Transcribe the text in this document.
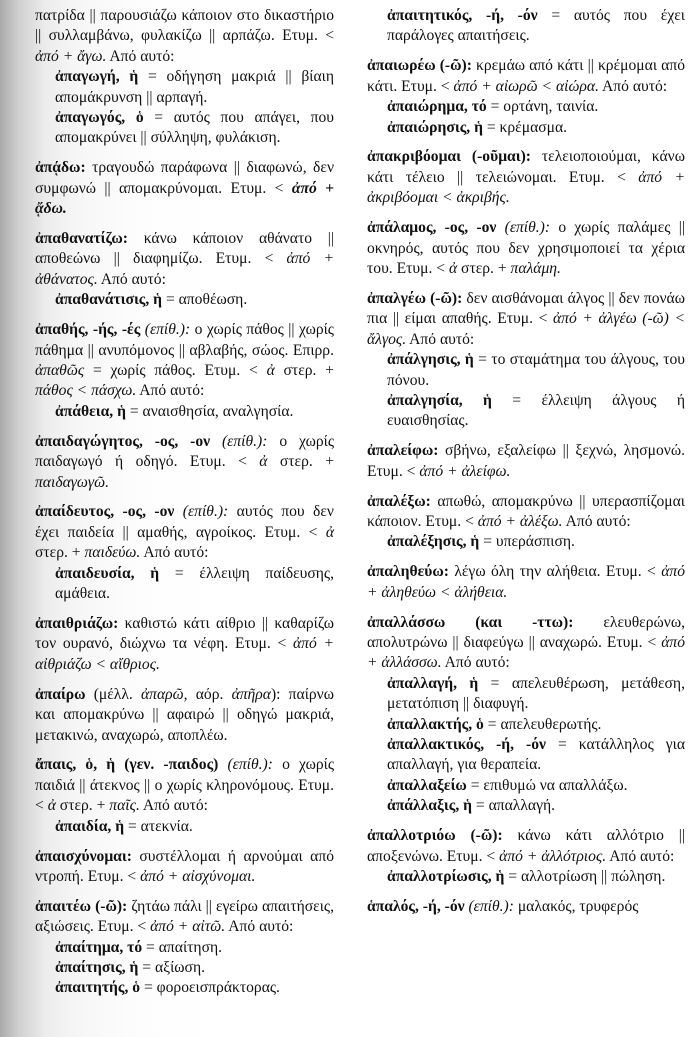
πατρίδα || παρουσιάζω κάποιον στο δικαστήριο || συλλαμβάνω, φυλακίζω || αρπάζω. Ετυμ. < ἀπό + ἄγω. Από αυτό:
ἀπαγωγή, ἡ = οδήγηση μακριά || βίαιη απομάκρυνση || αρπαγή.
ἀπαγωγός, ὁ = αυτός που απάγει, που απομακρύνει || σύλληψη, φυλάκιση.
ἀπᾴδω: τραγουδώ παράφωνα || διαφωνώ, δεν συμφωνώ || απομακρύνομαι. Ετυμ. < ἀπό + ᾄδω.
ἀπαθανατίζω: κάνω κάποιον αθάνατο || αποθεώνω || διαφημίζω. Ετυμ. < ἀπό + ἀθάνατος. Από αυτό:
ἀπαθανάτισις, ἡ = αποθέωση.
ἀπαθής, -ής, -ές (επίθ.): ο χωρίς πάθος || χωρίς πάθημα || ανυπόμονος || αβλαβής, σώος. Επιρρ. ἀπαθῶς = χωρίς πάθος. Ετυμ. < ἀ στερ. + πάθος < πάσχω. Από αυτό:
ἀπάθεια, ἡ = αναισθησία, αναλγησία.
ἀπαιδαγώγητος, -ος, -ον (επίθ.): ο χωρίς παιδαγωγό ή οδηγό. Ετυμ. < ἀ στερ. + παιδαγωγῶ.
ἀπαίδευτος, -ος, -ον (επίθ.): αυτός που δεν έχει παιδεία || αμαθής, αγροίκος. Ετυμ. < ἀ στερ. + παιδεύω. Από αυτό:
ἀπαιδευσία, ἡ = έλλειψη παίδευσης, αμάθεια.
ἀπαιθριάζω: καθιστώ κάτι αίθριο || καθαρίζω τον ουρανό, διώχνω τα νέφη. Ετυμ. < ἀπό + αἰθριάζω < αἴθριος.
ἀπαίρω (μέλλ. ἀπαρῶ, αόρ. ἀπῆρα): παίρνω και απομακρύνω || αφαιρώ || οδηγώ μακριά, μετακινώ, αναχωρώ, αποπλέω.
ἄπαις, ὁ, ἡ (γεν. -παιδος) (επίθ.): ο χωρίς παιδιά || άτεκνος || ο χωρίς κληρονόμους. Ετυμ. < ἀ στερ. + παῖς. Από αυτό:
ἀπαιδία, ἡ = ατεκνία.
ἀπαισχύνομαι: συστέλλομαι ή αρνούμαι από ντροπή. Ετυμ. < ἀπό + αἰσχύνομαι.
ἀπαιτέω (-ῶ): ζητάω πάλι || εγείρω απαιτήσεις, αξιώσεις. Ετυμ. < ἀπό + αἰτῶ. Από αυτό:
ἀπαίτημα, τό = απαίτηση.
ἀπαίτησις, ἡ = αξίωση.
ἀπαιτητής, ὁ = φοροεισπράκτορας.
ἀπαιτητικός, -ή, -όν = αυτός που έχει παράλογες απαιτήσεις.
ἀπαιωρέω (-ῶ): κρεμάω από κάτι || κρέμομαι από κάτι. Ετυμ. < ἀπό + αἰωρῶ < αἰώρα. Από αυτό:
ἀπαιώρημα, τό = ορτάνη, ταινία.
ἀπαιώρησις, ἡ = κρέμασμα.
ἀπακριβόομαι (-οῦμαι): τελειοποιούμαι, κάνω κάτι τέλειο || τελειώνομαι. Ετυμ. < ἀπό + ἀκριβόομαι < ἀκριβής.
ἀπάλαμος, -ος, -ον (επίθ.): ο χωρίς παλάμες || οκνηρός, αυτός που δεν χρησιμοποιεί τα χέρια του. Ετυμ. < ἀ στερ. + παλάμη.
ἀπαλγέω (-ῶ): δεν αισθάνομαι άλγος || δεν πονάω πια || είμαι απαθής. Ετυμ. < ἀπό + ἀλγέω (-ῶ) < ἄλγος. Από αυτό:
ἀπάλγησις, ἡ = το σταμάτημα του άλγους, του πόνου.
ἀπαλγησία, ἡ = έλλειψη άλγους ή ευαισθησίας.
ἀπαλείφω: σβήνω, εξαλείφω || ξεχνώ, λησμονώ. Ετυμ. < ἀπό + ἀλείφω.
ἀπαλέξω: απωθώ, απομακρύνω || υπερασπίζομαι κάποιον. Ετυμ. < ἀπό + ἀλέξω. Από αυτό:
ἀπαλέξησις, ἡ = υπεράσπιση.
ἀπαληθεύω: λέγω όλη την αλήθεια. Ετυμ. < ἀπό + ἀληθεύω < ἀλήθεια.
ἀπαλλάσσω (και -ττω): ελευθερώνω, απολυτρώνω || διαφεύγω || αναχωρώ. Ετυμ. < ἀπό + ἀλλάσσω. Από αυτό:
ἀπαλλαγή, ἡ = απελευθέρωση, μετάθεση, μετατόπιση || διαφυγή.
ἀπαλλακτής, ὁ = απελευθερωτής.
ἀπαλλακτικός, -ή, -όν = κατάλληλος για απαλλαγή, για θεραπεία.
ἀπαλλαξείω = επιθυμώ να απαλλάξω.
ἀπάλλαξις, ἡ = απαλλαγή.
ἀπαλλοτριόω (-ῶ): κάνω κάτι αλλότριο || αποξενώνω. Ετυμ. < ἀπό + ἀλλότριος. Από αυτό:
ἀπαλλοτρίωσις, ἡ = αλλοτρίωση || πώληση.
ἁπαλός, -ή, -όν (επίθ.): μαλακός, τρυφερός
